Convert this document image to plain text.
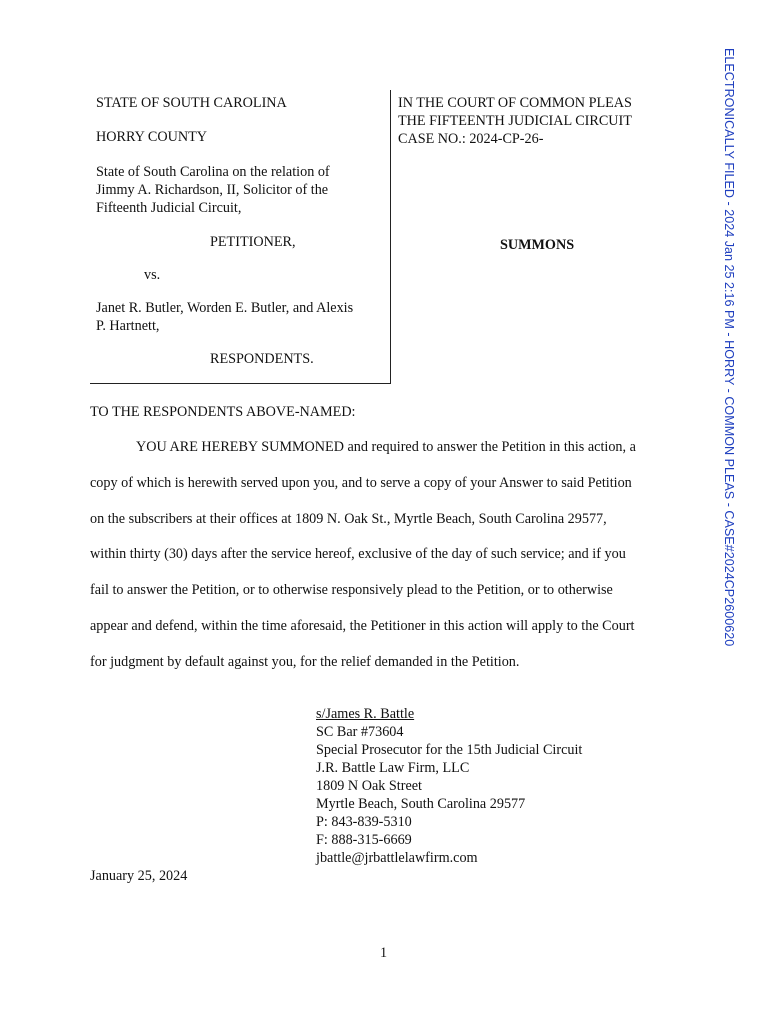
STATE OF SOUTH CAROLINA
HORRY COUNTY
State of South Carolina on the relation of
Jimmy A. Richardson, II, Solicitor of the
Fifteenth Judicial Circuit,
PETITIONER,
vs.
Janet R. Butler, Worden E. Butler, and Alexis
P. Hartnett,
RESPONDENTS.
IN THE COURT OF COMMON PLEAS
THE FIFTEENTH JUDICIAL CIRCUIT
CASE NO.: 2024-CP-26-
SUMMONS
TO THE RESPONDENTS ABOVE-NAMED:
YOU ARE HEREBY SUMMONED and required to answer the Petition in this action, a
copy of which is herewith served upon you, and to serve a copy of your Answer to said Petition
on the subscribers at their offices at 1809 N. Oak St., Myrtle Beach, South Carolina 29577,
within thirty (30) days after the service hereof, exclusive of the day of such service; and if you
fail to answer the Petition, or to otherwise responsively plead to the Petition, or to otherwise
appear and defend, within the time aforesaid, the Petitioner in this action will apply to the Court
for judgment by default against you, for the relief demanded in the Petition.
s/James R. Battle
SC Bar #73604
Special Prosecutor for the 15th Judicial Circuit
J.R. Battle Law Firm, LLC
1809 N Oak Street
Myrtle Beach, South Carolina 29577
P: 843-839-5310
F: 888-315-6669
jbattle@jrbattlelawfirm.com
January 25, 2024
1
ELECTRONICALLY FILED - 2024 Jan 25 2:16 PM - HORRY - COMMON PLEAS - CASE#2024CP2600620
